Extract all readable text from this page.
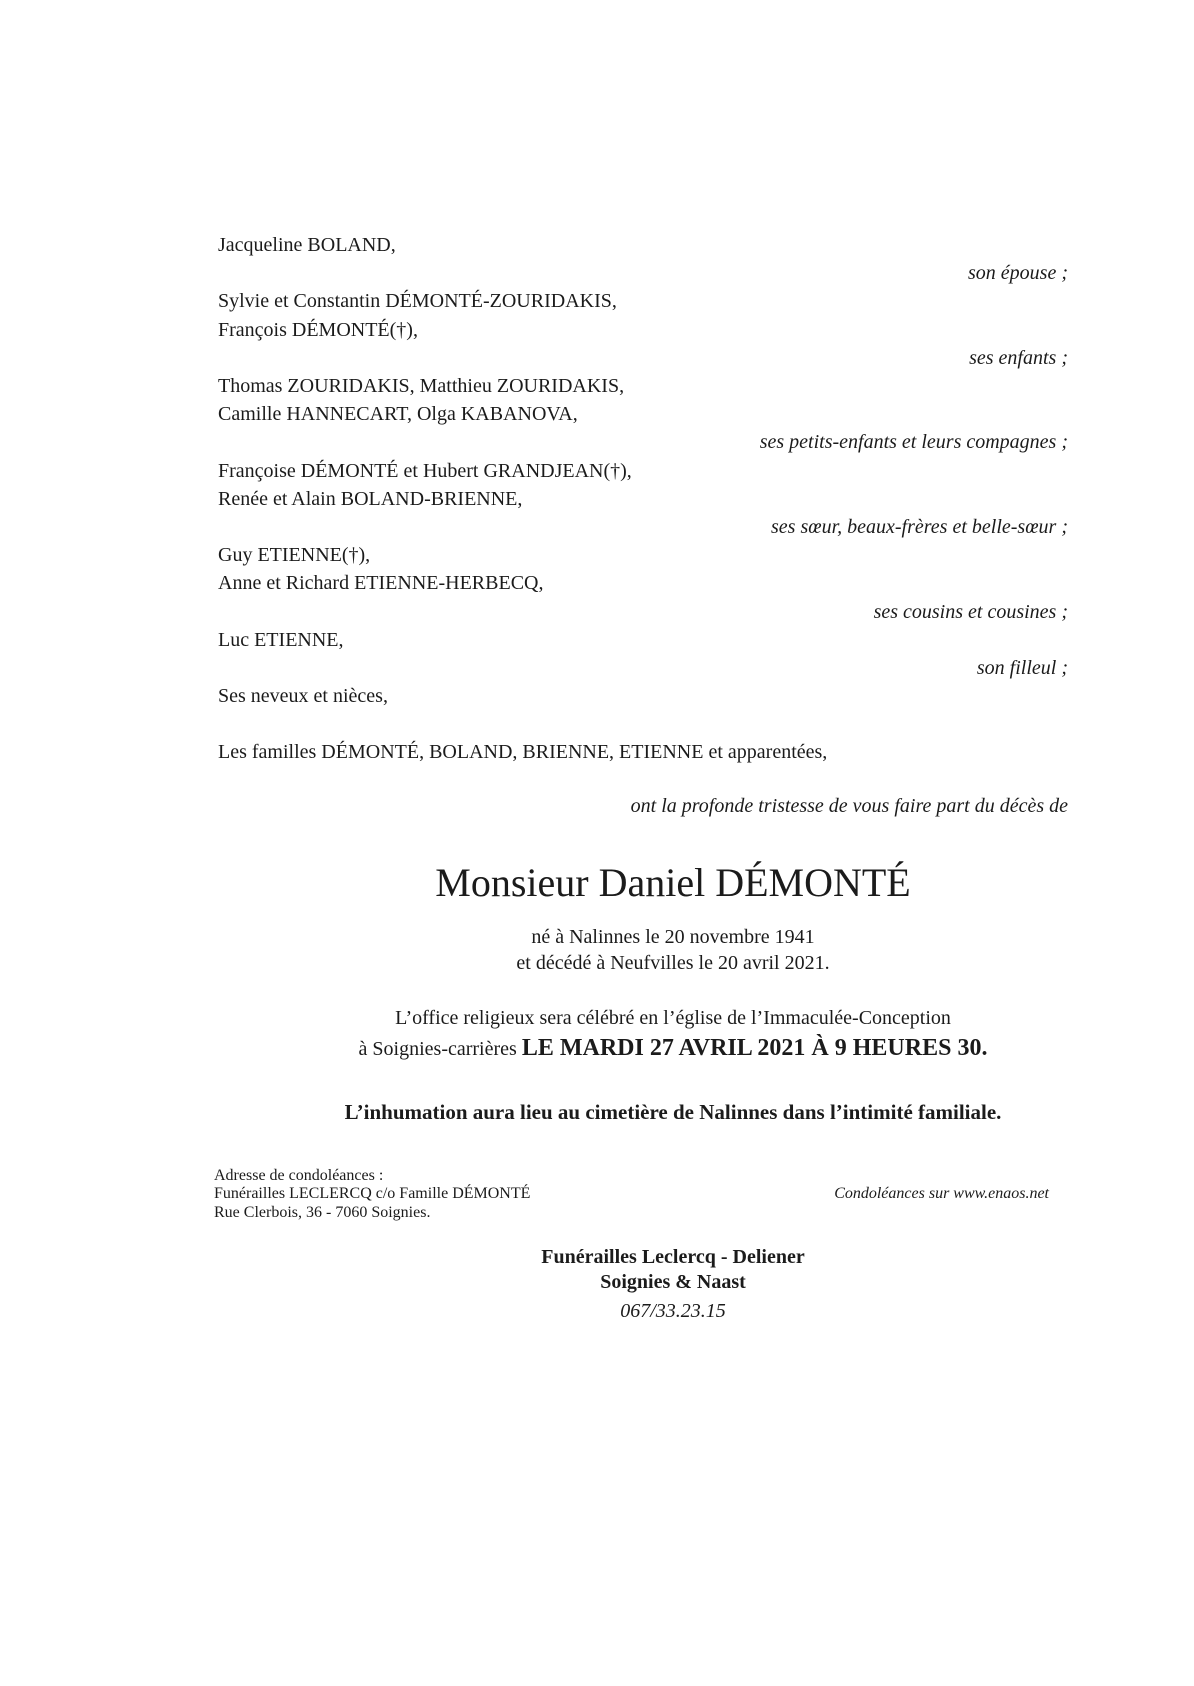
Jacqueline BOLAND,
son épouse ;
Sylvie et Constantin DÉMONTÉ-ZOURIDAKIS,
François DÉMONTÉ(†),
ses enfants ;
Thomas ZOURIDAKIS, Matthieu ZOURIDAKIS,
Camille HANNECART, Olga KABANOVA,
ses petits-enfants et leurs compagnes ;
Françoise DÉMONTÉ et Hubert GRANDJEAN(†),
Renée et Alain BOLAND-BRIENNE,
ses sœur, beaux-frères et belle-sœur ;
Guy ETIENNE(†),
Anne et Richard ETIENNE-HERBECQ,
ses cousins et cousines ;
Luc ETIENNE,
son filleul ;
Ses neveux et nièces,
Les familles DÉMONTÉ, BOLAND, BRIENNE, ETIENNE et apparentées,
ont la profonde tristesse de vous faire part du décès de
Monsieur Daniel DÉMONTÉ
né à Nalinnes le 20 novembre 1941
et décédé à Neufvilles le 20 avril 2021.
L’office religieux sera célébré en l’église de l’Immaculée-Conception
à Soignies-carrières LE MARDI 27 AVRIL 2021 À 9 HEURES 30.
L’inhumation aura lieu au cimetière de Nalinnes dans l’intimité familiale.
Adresse de condoléances :
Funérailles LECLERCQ c/o Famille DÉMONTÉ
Rue Clerbois, 36 - 7060 Soignies.
Condoléances sur www.enaos.net
Funérailles Leclercq - Deliener
Soignies & Naast
067/33.23.15
